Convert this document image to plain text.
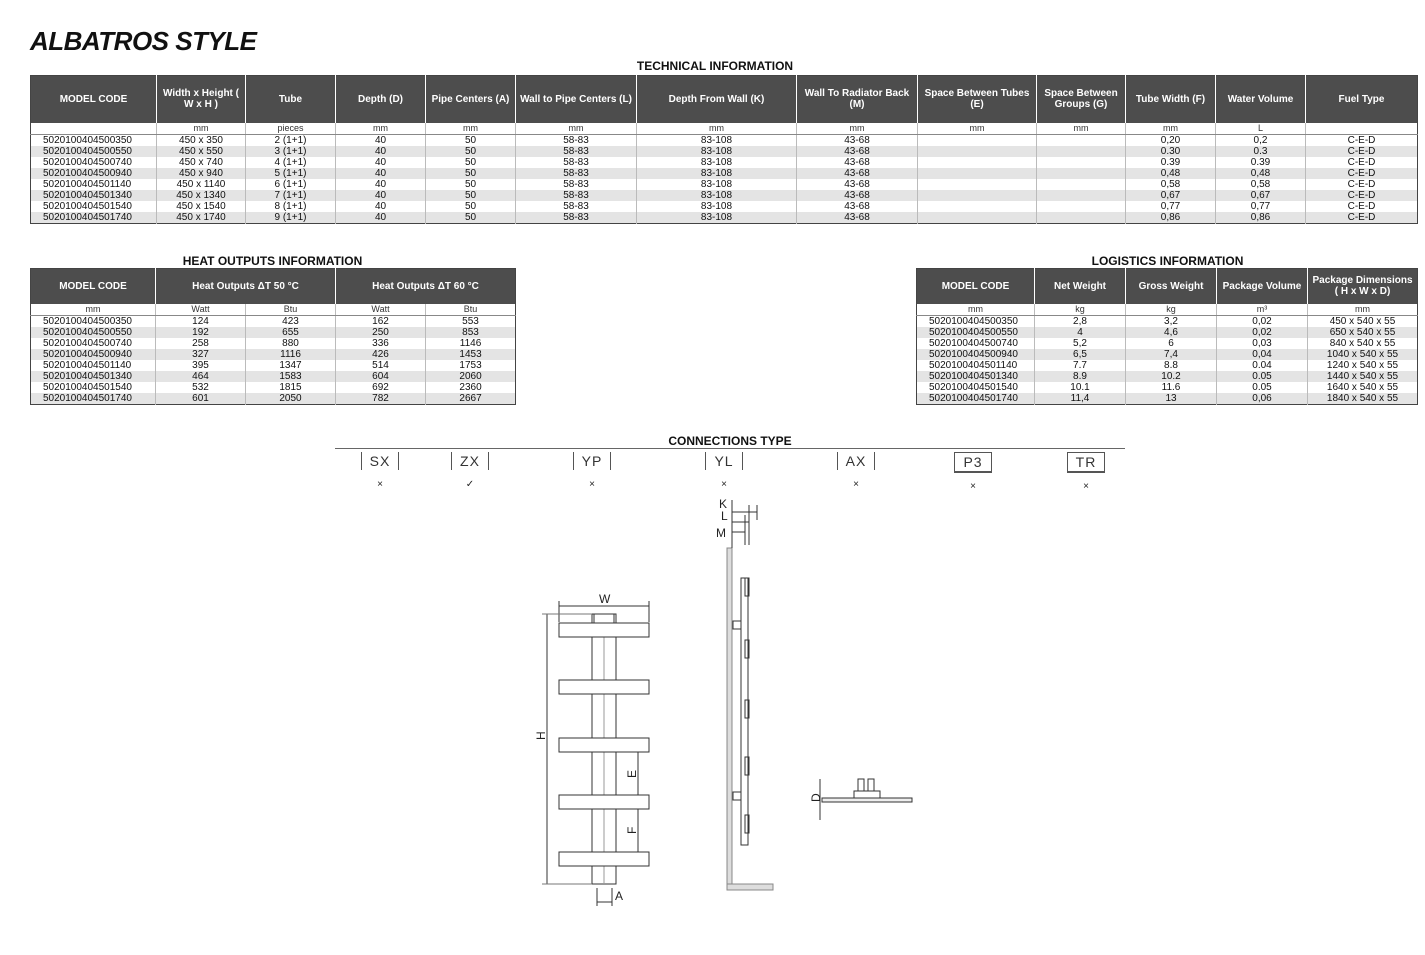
ALBATROS STYLE
TECHNICAL INFORMATION
MODEL CODE	Width x Height ( W x H )	Tube	Depth (D)	Pipe Centers (A)	Wall to Pipe Centers (L)	Depth From Wall (K)	Wall To Radiator Back (M)	Space Between Tubes (E)	Space Between Groups (G)	Tube Width (F)	Water Volume	Fuel Type
	mm	pieces	mm	mm	mm	mm	mm	mm	mm	mm	L	
5020100404500350	450 x 350	2 (1+1)	40	50	58-83	83-108	43-68			0,20	0,2	C-E-D
5020100404500550	450 x 550	3 (1+1)	40	50	58-83	83-108	43-68			0.30	0.3	C-E-D
5020100404500740	450 x 740	4 (1+1)	40	50	58-83	83-108	43-68			0.39	0.39	C-E-D
5020100404500940	450 x 940	5 (1+1)	40	50	58-83	83-108	43-68			0,48	0,48	C-E-D
5020100404501140	450 x 1140	6 (1+1)	40	50	58-83	83-108	43-68			0,58	0,58	C-E-D
5020100404501340	450 x 1340	7 (1+1)	40	50	58-83	83-108	43-68			0,67	0,67	C-E-D
5020100404501540	450 x 1540	8 (1+1)	40	50	58-83	83-108	43-68			0,77	0,77	C-E-D
5020100404501740	450 x 1740	9 (1+1)	40	50	58-83	83-108	43-68			0,86	0,86	C-E-D
HEAT OUTPUTS INFORMATION
MODEL CODE	Heat Outputs ΔT 50 °C		Heat Outputs ΔT 60 °C	
mm	Watt	Btu	Watt	Btu
5020100404500350	124	423	162	553
5020100404500550	192	655	250	853
5020100404500740	258	880	336	1146
5020100404500940	327	1116	426	1453
5020100404501140	395	1347	514	1753
5020100404501340	464	1583	604	2060
5020100404501540	532	1815	692	2360
5020100404501740	601	2050	782	2667
LOGISTICS INFORMATION
MODEL CODE	Net Weight	Gross Weight	Package Volume	Package Dimensions ( H x W x D)
mm	kg	kg	m³	mm
5020100404500350	2,8	3,2	0,02	450 x 540 x 55
5020100404500550	4	4,6	0,02	650 x 540 x 55
5020100404500740	5,2	6	0,03	840 x 540 x 55
5020100404500940	6,5	7,4	0,04	1040 x 540 x 55
5020100404501140	7.7	8.8	0.04	1240 x 540 x 55
5020100404501340	8.9	10.2	0.05	1440 x 540 x 55
5020100404501540	10.1	11.6	0.05	1640 x 540 x 55
5020100404501740	11,4	13	0,06	1840 x 540 x 55
CONNECTIONS TYPE
SX
×
ZX
✓
YP
×
YL
×
AX
×
P3
×
TR
×
W
H
E
F
A
K
L
M
D
